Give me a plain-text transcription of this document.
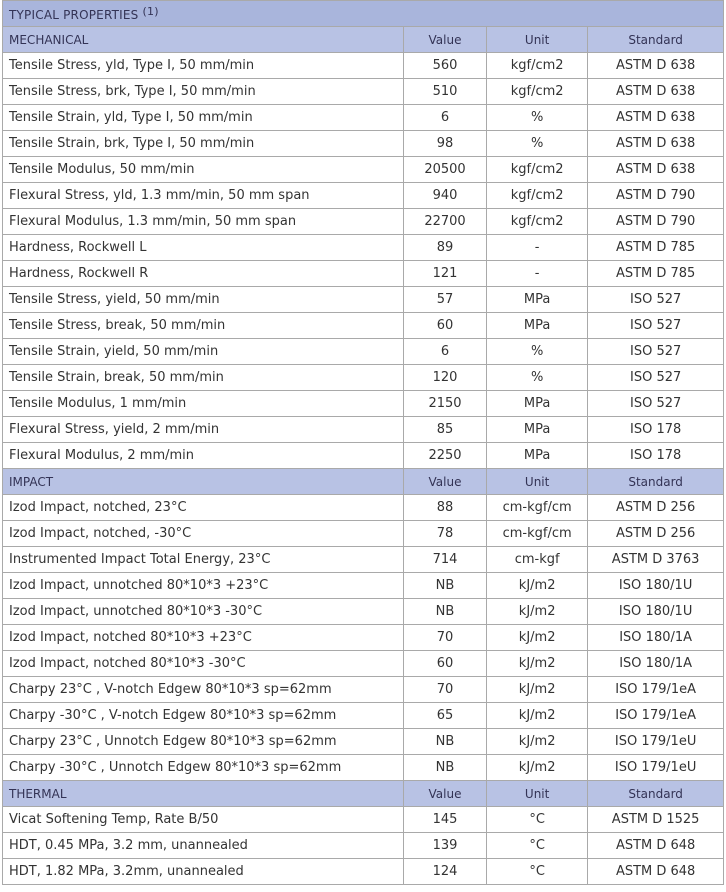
TYPICAL PROPERTIES $^{(1)}$
MECHANICAL	Value	Unit	Standard
Tensile Stress, yld, Type I, 50 mm/min	560	kgf/cm2	ASTM D 638
Tensile Stress, brk, Type I, 50 mm/min	510	kgf/cm2	ASTM D 638
Tensile Strain, yld, Type I, 50 mm/min	6	%	ASTM D 638
Tensile Strain, brk, Type I, 50 mm/min	98	%	ASTM D 638
Tensile Modulus, 50 mm/min	20500	kgf/cm2	ASTM D 638
Flexural Stress, yld, 1.3 mm/min, 50 mm span	940	kgf/cm2	ASTM D 790
Flexural Modulus, 1.3 mm/min, 50 mm span	22700	kgf/cm2	ASTM D 790
Hardness, Rockwell L	89	-	ASTM D 785
Hardness, Rockwell R	121	-	ASTM D 785
Tensile Stress, yield, 50 mm/min	57	MPa	ISO 527
Tensile Stress, break, 50 mm/min	60	MPa	ISO 527
Tensile Strain, yield, 50 mm/min	6	%	ISO 527
Tensile Strain, break, 50 mm/min	120	%	ISO 527
Tensile Modulus, 1 mm/min	2150	MPa	ISO 527
Flexural Stress, yield, 2 mm/min	85	MPa	ISO 178
Flexural Modulus, 2 mm/min	2250	MPa	ISO 178
IMPACT	Value	Unit	Standard
Izod Impact, notched, 23°C	88	cm-kgf/cm	ASTM D 256
Izod Impact, notched, -30°C	78	cm-kgf/cm	ASTM D 256
Instrumented Impact Total Energy, 23°C	714	cm-kgf	ASTM D 3763
Izod Impact, unnotched 80*10*3 +23°C	NB	kJ/m2	ISO 180/1U
Izod Impact, unnotched 80*10*3 -30°C	NB	kJ/m2	ISO 180/1U
Izod Impact, notched 80*10*3 +23°C	70	kJ/m2	ISO 180/1A
Izod Impact, notched 80*10*3 -30°C	60	kJ/m2	ISO 180/1A
Charpy 23°C , V-notch Edgew 80*10*3 sp=62mm	70	kJ/m2	ISO 179/1eA
Charpy -30°C , V-notch Edgew 80*10*3 sp=62mm	65	kJ/m2	ISO 179/1eA
Charpy 23°C , Unnotch Edgew 80*10*3 sp=62mm	NB	kJ/m2	ISO 179/1eU
Charpy -30°C , Unnotch Edgew 80*10*3 sp=62mm	NB	kJ/m2	ISO 179/1eU
THERMAL	Value	Unit	Standard
Vicat Softening Temp, Rate B/50	145	°C	ASTM D 1525
HDT, 0.45 MPa, 3.2 mm, unannealed	139	°C	ASTM D 648
HDT, 1.82 MPa, 3.2mm, unannealed	124	°C	ASTM D 648
